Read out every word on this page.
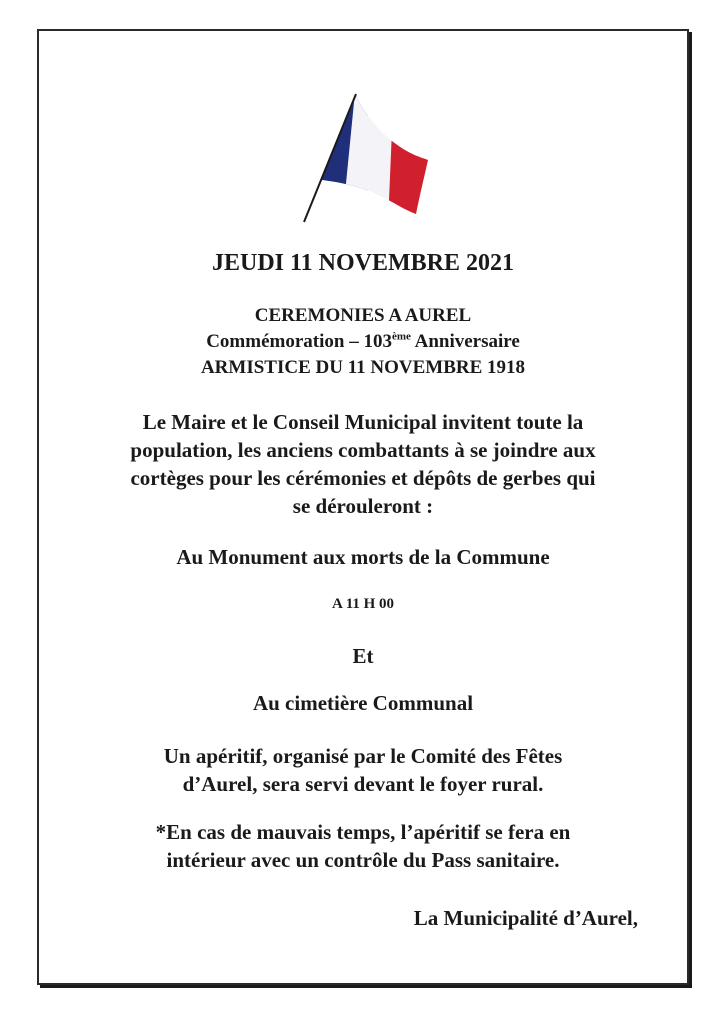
JEUDI 11 NOVEMBRE 2021
CEREMONIES A AUREL
Commémoration – 103ème Anniversaire
ARMISTICE DU 11 NOVEMBRE 1918
Le Maire et le Conseil Municipal invitent toute la
population, les anciens combattants à se joindre aux
cortèges pour les cérémonies et dépôts de gerbes qui
se dérouleront :
Au Monument aux morts de la Commune
A 11 H 00
Et
Au cimetière Communal
Un apéritif, organisé par le Comité des Fêtes
d’Aurel, sera servi devant le foyer rural.
*En cas de mauvais temps, l’apéritif se fera en
intérieur avec un contrôle du Pass sanitaire.
La Municipalité d’Aurel,
